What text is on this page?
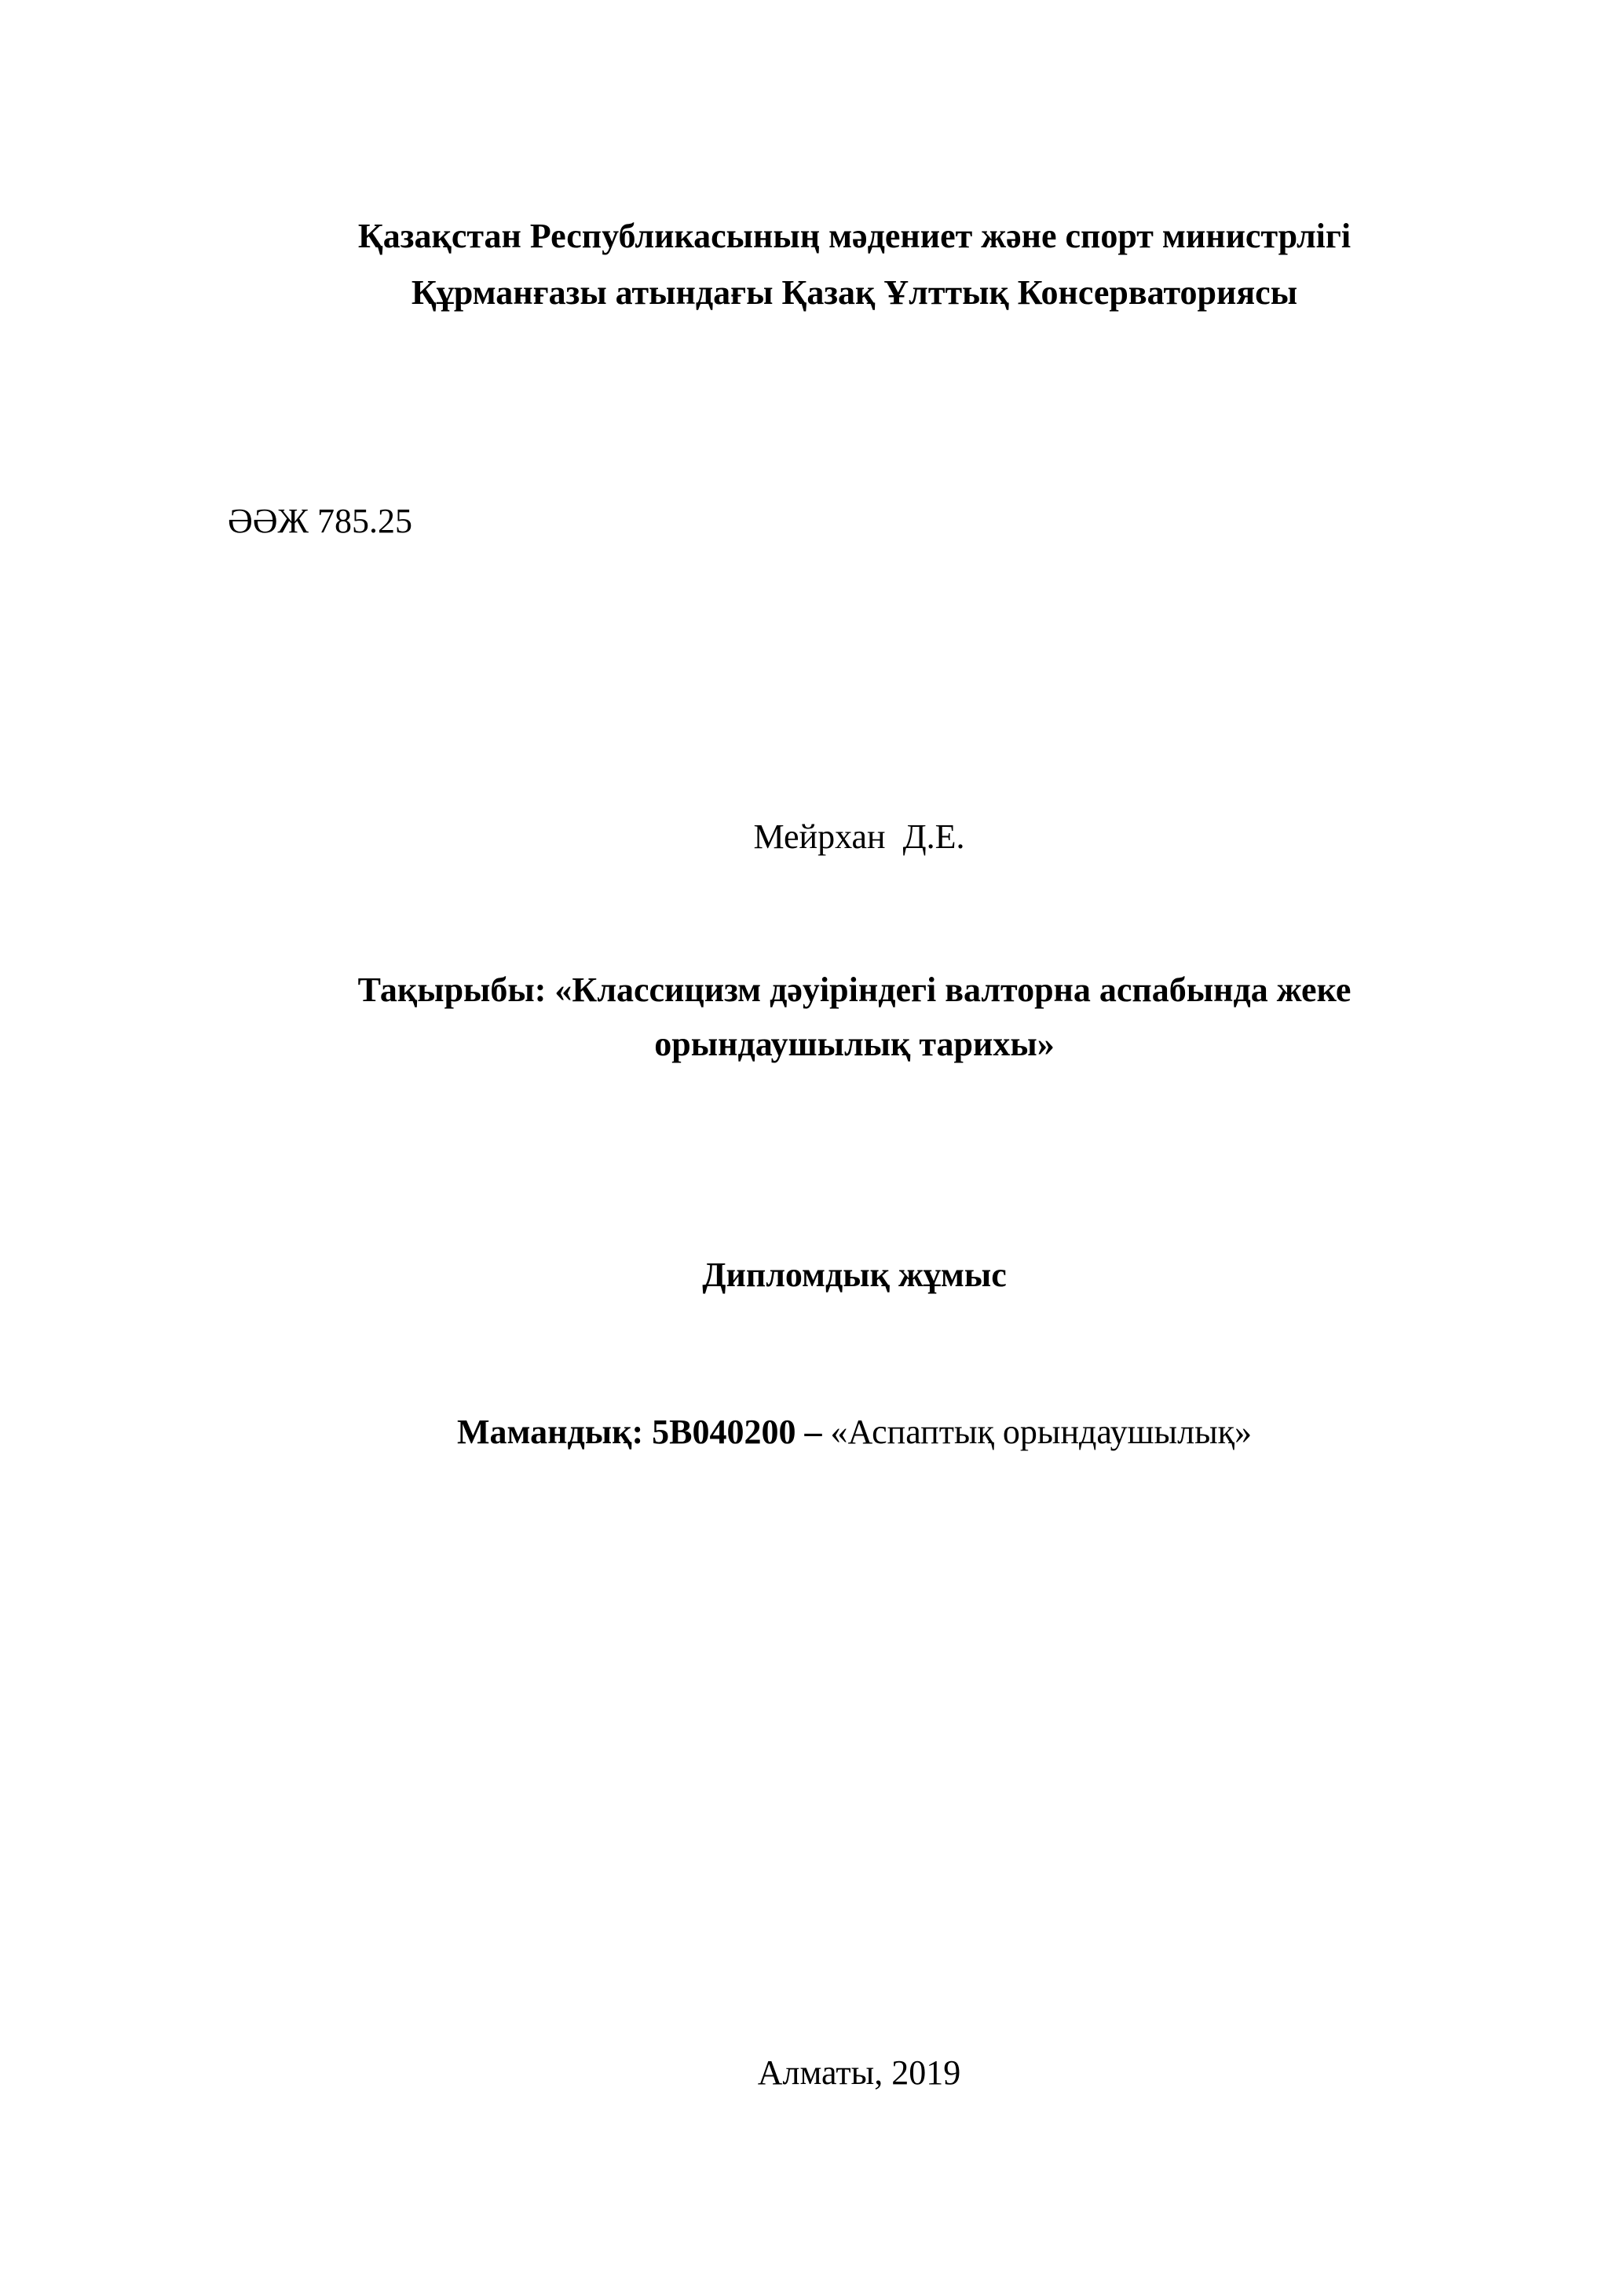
Қазақстан Республикасының мәдениет және спорт министрлігі
Құрманғазы атындағы Қазақ Ұлттық Консерваториясы
ӘӘЖ 785.25
Мейрхан  Д.Е.
Тақырыбы: «Классицизм дәуіріндегі валторна аспабында жеке
орындаушылық тарихы»
Дипломдық жұмыс
Мамандық: 5В040200 – «Аспаптық орындаушылық»
Алматы, 2019
